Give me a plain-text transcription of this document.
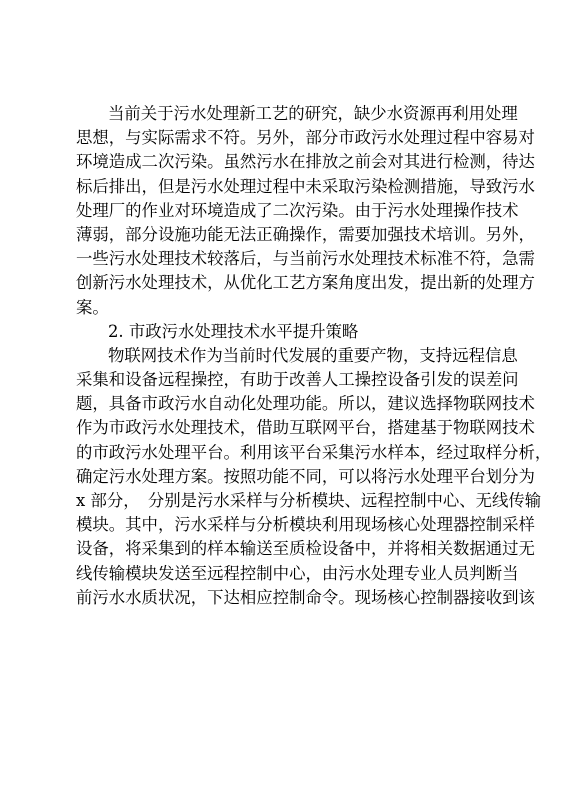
当前关于污水处理新工艺的研究，缺少水资源再利用处理
思想，与实际需求不符。另外，部分市政污水处理过程中容易对
环境造成二次污染。虽然污水在排放之前会对其进行检测，待达
标后排出，但是污水处理过程中未采取污染检测措施，导致污水
处理厂的作业对环境造成了二次污染。由于污水处理操作技术
薄弱，部分设施功能无法正确操作，需要加强技术培训。另外，
一些污水处理技术较落后，与当前污水处理技术标准不符，急需
创新污水处理技术，从优化工艺方案角度出发，提出新的处理方
案。
2. 市政污水处理技术水平提升策略
物联网技术作为当前时代发展的重要产物，支持远程信息
采集和设备远程操控，有助于改善人工操控设备引发的误差问
题，具备市政污水自动化处理功能。所以，建议选择物联网技术
作为市政污水处理技术，借助互联网平台，搭建基于物联网技术
的市政污水处理平台。利用该平台采集污水样本，经过取样分析，
确定污水处理方案。按照功能不同，可以将污水处理平台划分为
x 部分，　分别是污水采样与分析模块、远程控制中心、无线传输
模块。其中，污水采样与分析模块利用现场核心处理器控制采样
设备，将采集到的样本输送至质检设备中，并将相关数据通过无
线传输模块发送至远程控制中心，由污水处理专业人员判断当
前污水水质状况，下达相应控制命令。现场核心控制器接收到该
